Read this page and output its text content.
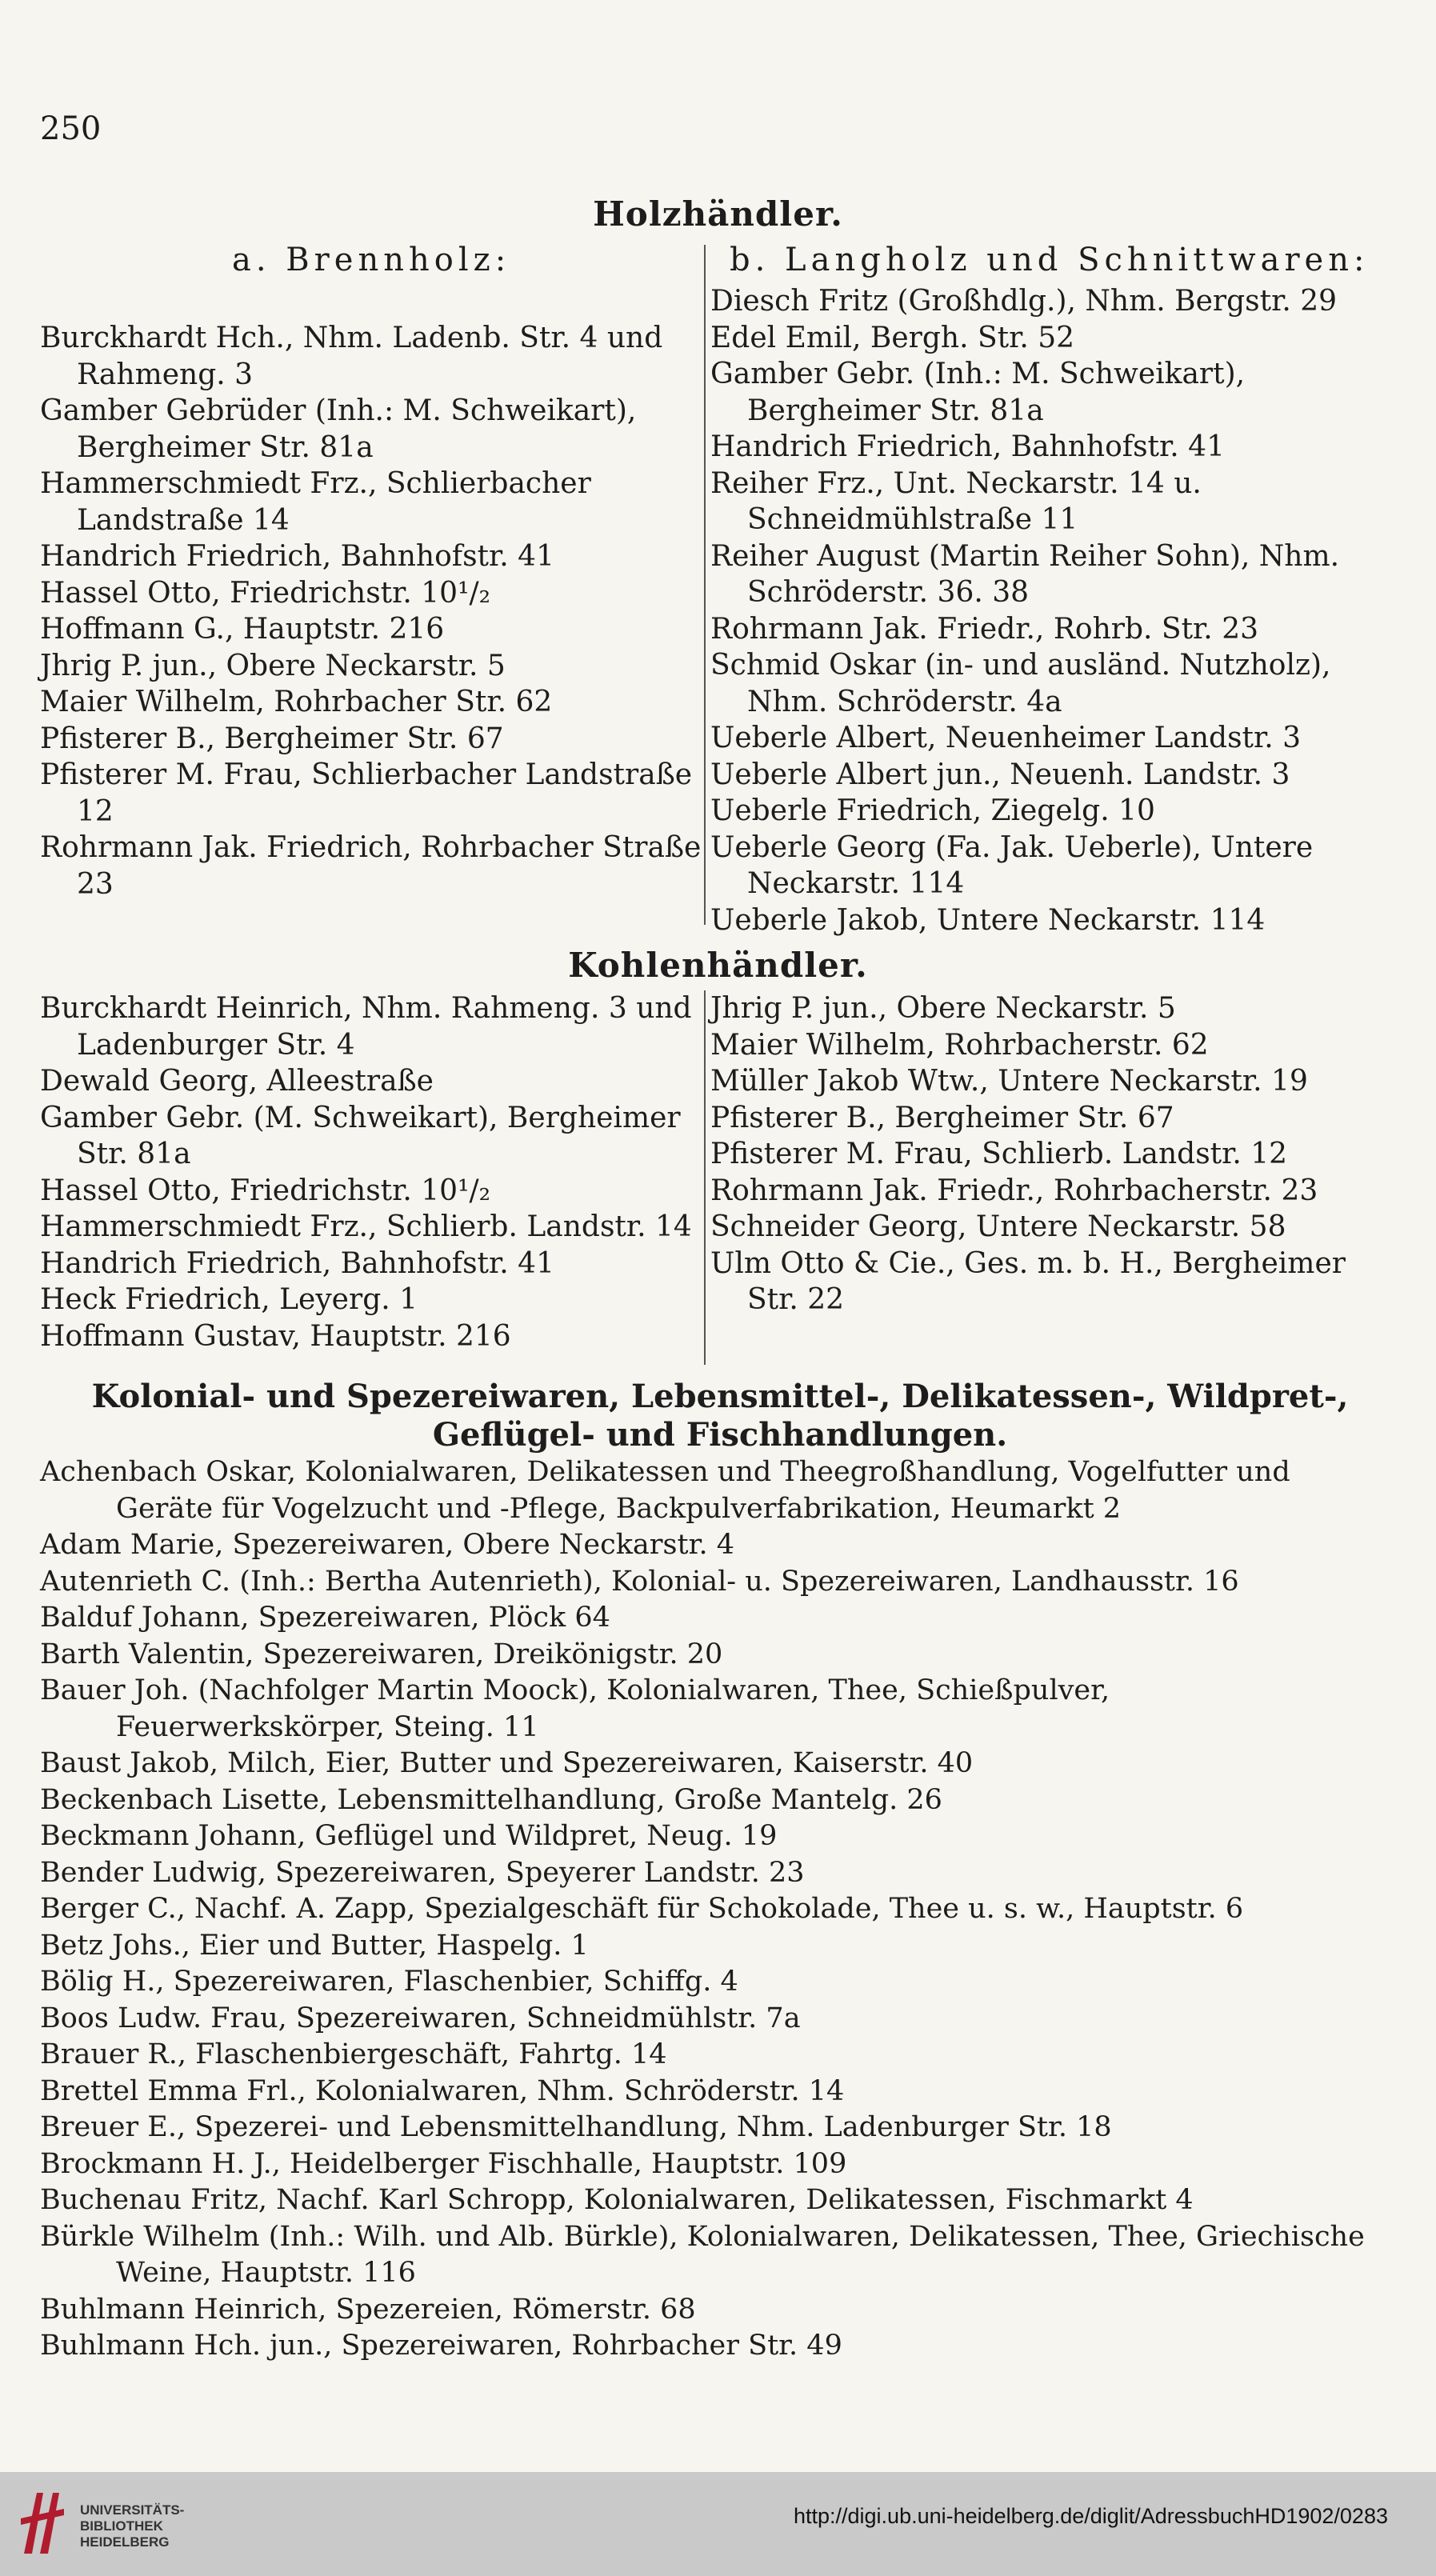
250
Holzhändler.
a. Brennholz:	b. Langholz und Schnittwaren:
Burckhardt Hch., Nhm. Ladenb. Str. 4 und Rahmeng. 3
Gamber Gebrüder (Inh.: M. Schweikart), Bergheimer Str. 81a
Hammerschmiedt Frz., Schlierbacher Landstraße 14
Handrich Friedrich, Bahnhofstr. 41
Hassel Otto, Friedrichstr. 10¹/₂
Hoffmann G., Hauptstr. 216
Jhrig P. jun., Obere Neckarstr. 5
Maier Wilhelm, Rohrbacher Str. 62
Pfisterer B., Bergheimer Str. 67
Pfisterer M. Frau, Schlierbacher Landstraße 12
Rohrmann Jak. Friedrich, Rohrbacher Straße 23
Diesch Fritz (Großhdlg.), Nhm. Bergstr. 29
Edel Emil, Bergh. Str. 52
Gamber Gebr. (Inh.: M. Schweikart), Bergheimer Str. 81a
Handrich Friedrich, Bahnhofstr. 41
Reiher Frz., Unt. Neckarstr. 14 u. Schneidmühlstraße 11
Reiher August (Martin Reiher Sohn), Nhm. Schröderstr. 36. 38
Rohrmann Jak. Friedr., Rohrb. Str. 23
Schmid Oskar (in- und ausländ. Nutzholz), Nhm. Schröderstr. 4a
Ueberle Albert, Neuenheimer Landstr. 3
Ueberle Albert jun., Neuenh. Landstr. 3
Ueberle Friedrich, Ziegelg. 10
Ueberle Georg (Fa. Jak. Ueberle), Untere Neckarstr. 114
Ueberle Jakob, Untere Neckarstr. 114
Kohlenhändler.
Burckhardt Heinrich, Nhm. Rahmeng. 3 und Ladenburger Str. 4
Dewald Georg, Alleestraße
Gamber Gebr. (M. Schweikart), Bergheimer Str. 81a
Hassel Otto, Friedrichstr. 10¹/₂
Hammerschmiedt Frz., Schlierb. Landstr. 14
Handrich Friedrich, Bahnhofstr. 41
Heck Friedrich, Leyerg. 1
Hoffmann Gustav, Hauptstr. 216
Jhrig P. jun., Obere Neckarstr. 5
Maier Wilhelm, Rohrbacherstr. 62
Müller Jakob Wtw., Untere Neckarstr. 19
Pfisterer B., Bergheimer Str. 67
Pfisterer M. Frau, Schlierb. Landstr. 12
Rohrmann Jak. Friedr., Rohrbacherstr. 23
Schneider Georg, Untere Neckarstr. 58
Ulm Otto & Cie., Ges. m. b. H., Bergheimer Str. 22
Kolonial- und Spezereiwaren, Lebensmittel-, Delikatessen-, Wildpret-, Geflügel- und Fischhandlungen.
Achenbach Oskar, Kolonialwaren, Delikatessen und Theegroßhandlung, Vogelfutter und Geräte für Vogelzucht und -Pflege, Backpulverfabrikation, Heumarkt 2
Adam Marie, Spezereiwaren, Obere Neckarstr. 4
Autenrieth C. (Inh.: Bertha Autenrieth), Kolonial- u. Spezereiwaren, Landhausstr. 16
Balduf Johann, Spezereiwaren, Plöck 64
Barth Valentin, Spezereiwaren, Dreikönigstr. 20
Bauer Joh. (Nachfolger Martin Moock), Kolonialwaren, Thee, Schießpulver, Feuerwerkskörper, Steing. 11
Baust Jakob, Milch, Eier, Butter und Spezereiwaren, Kaiserstr. 40
Beckenbach Lisette, Lebensmittelhandlung, Große Mantelg. 26
Beckmann Johann, Geflügel und Wildpret, Neug. 19
Bender Ludwig, Spezereiwaren, Speyerer Landstr. 23
Berger C., Nachf. A. Zapp, Spezialgeschäft für Schokolade, Thee u. s. w., Hauptstr. 6
Betz Johs., Eier und Butter, Haspelg. 1
Bölig H., Spezereiwaren, Flaschenbier, Schiffg. 4
Boos Ludw. Frau, Spezereiwaren, Schneidmühlstr. 7a
Brauer R., Flaschenbiergeschäft, Fahrtg. 14
Brettel Emma Frl., Kolonialwaren, Nhm. Schröderstr. 14
Breuer E., Spezerei- und Lebensmittelhandlung, Nhm. Ladenburger Str. 18
Brockmann H. J., Heidelberger Fischhalle, Hauptstr. 109
Buchenau Fritz, Nachf. Karl Schropp, Kolonialwaren, Delikatessen, Fischmarkt 4
Bürkle Wilhelm (Inh.: Wilh. und Alb. Bürkle), Kolonialwaren, Delikatessen, Thee, Griechische Weine, Hauptstr. 116
Buhlmann Heinrich, Spezereien, Römerstr. 68
Buhlmann Hch. jun., Spezereiwaren, Rohrbacher Str. 49
UNIVERSITÄTS-
BIBLIOTHEK
HEIDELBERG
http://digi.ub.uni-heidelberg.de/diglit/AdressbuchHD1902/0283
